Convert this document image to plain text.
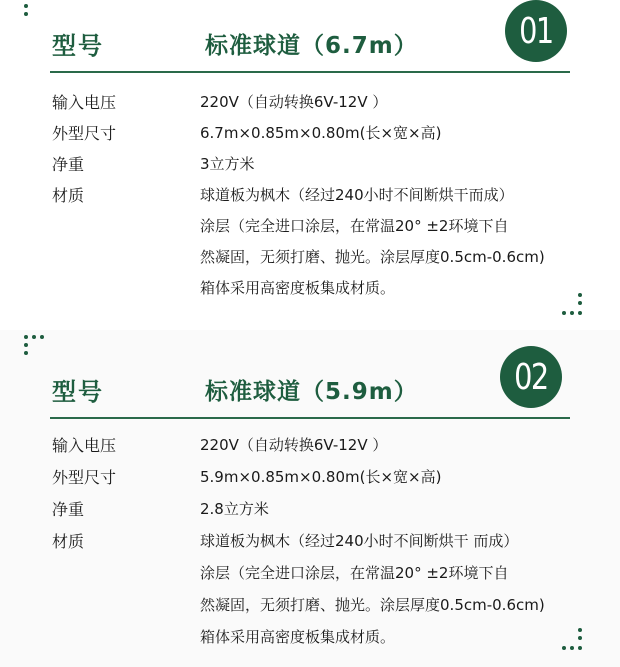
型号	标准球道（6.7m）	01
输入电压	220V（自动转换6V-12V ）
外型尺寸	6.7m×0.85m×0.80m(长×宽×高)
净重	3立方米
材质	球道板为枫木（经过240小时不间断烘干而成）
涂层（完全进口涂层，在常温20° ±2环境下自
然凝固，无须打磨、抛光。涂层厚度0.5cm-0.6cm)
箱体采用高密度板集成材质。
型号	标准球道（5.9m）	02
输入电压	220V（自动转换6V-12V ）
外型尺寸	5.9m×0.85m×0.80m(长×宽×高)
净重	2.8立方米
材质	球道板为枫木（经过240小时不间断烘干 而成）
涂层（完全进口涂层，在常温20° ±2环境下自
然凝固，无须打磨、抛光。涂层厚度0.5cm-0.6cm)
箱体采用高密度板集成材质。
